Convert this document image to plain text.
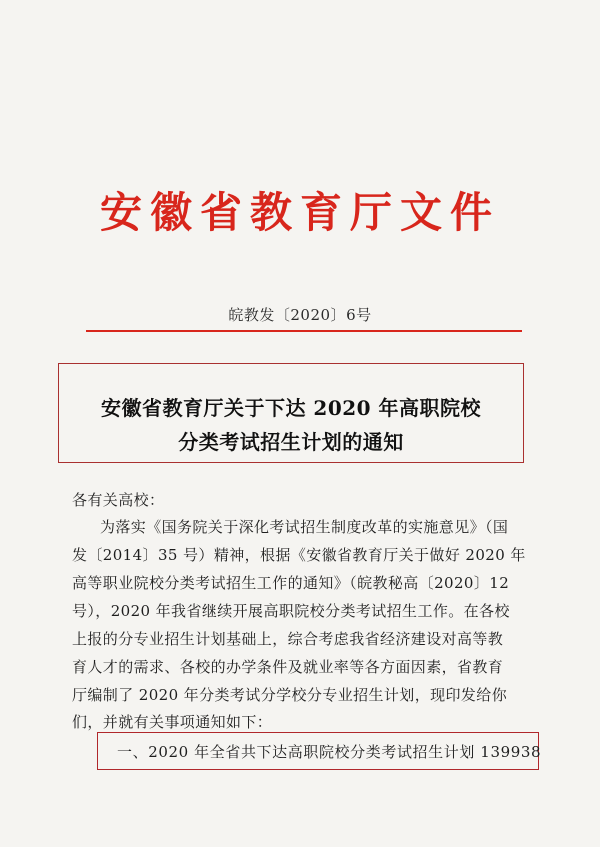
安徽省教育厅文件
皖教发〔2020〕6号
安徽省教育厅关于下达 2020 年高职院校
分类考试招生计划的通知
各有关高校：
为落实《国务院关于深化考试招生制度改革的实施意见》（国
发〔2014〕35 号）精神，根据《安徽省教育厅关于做好 2020 年
高等职业院校分类考试招生工作的通知》（皖教秘高〔2020〕12
号），2020 年我省继续开展高职院校分类考试招生工作。在各校
上报的分专业招生计划基础上，综合考虑我省经济建设对高等教
育人才的需求、各校的办学条件及就业率等各方面因素，省教育
厅编制了 2020 年分类考试分学校分专业招生计划，现印发给你
们，并就有关事项通知如下：
一、2020 年全省共下达高职院校分类考试招生计划 139938
